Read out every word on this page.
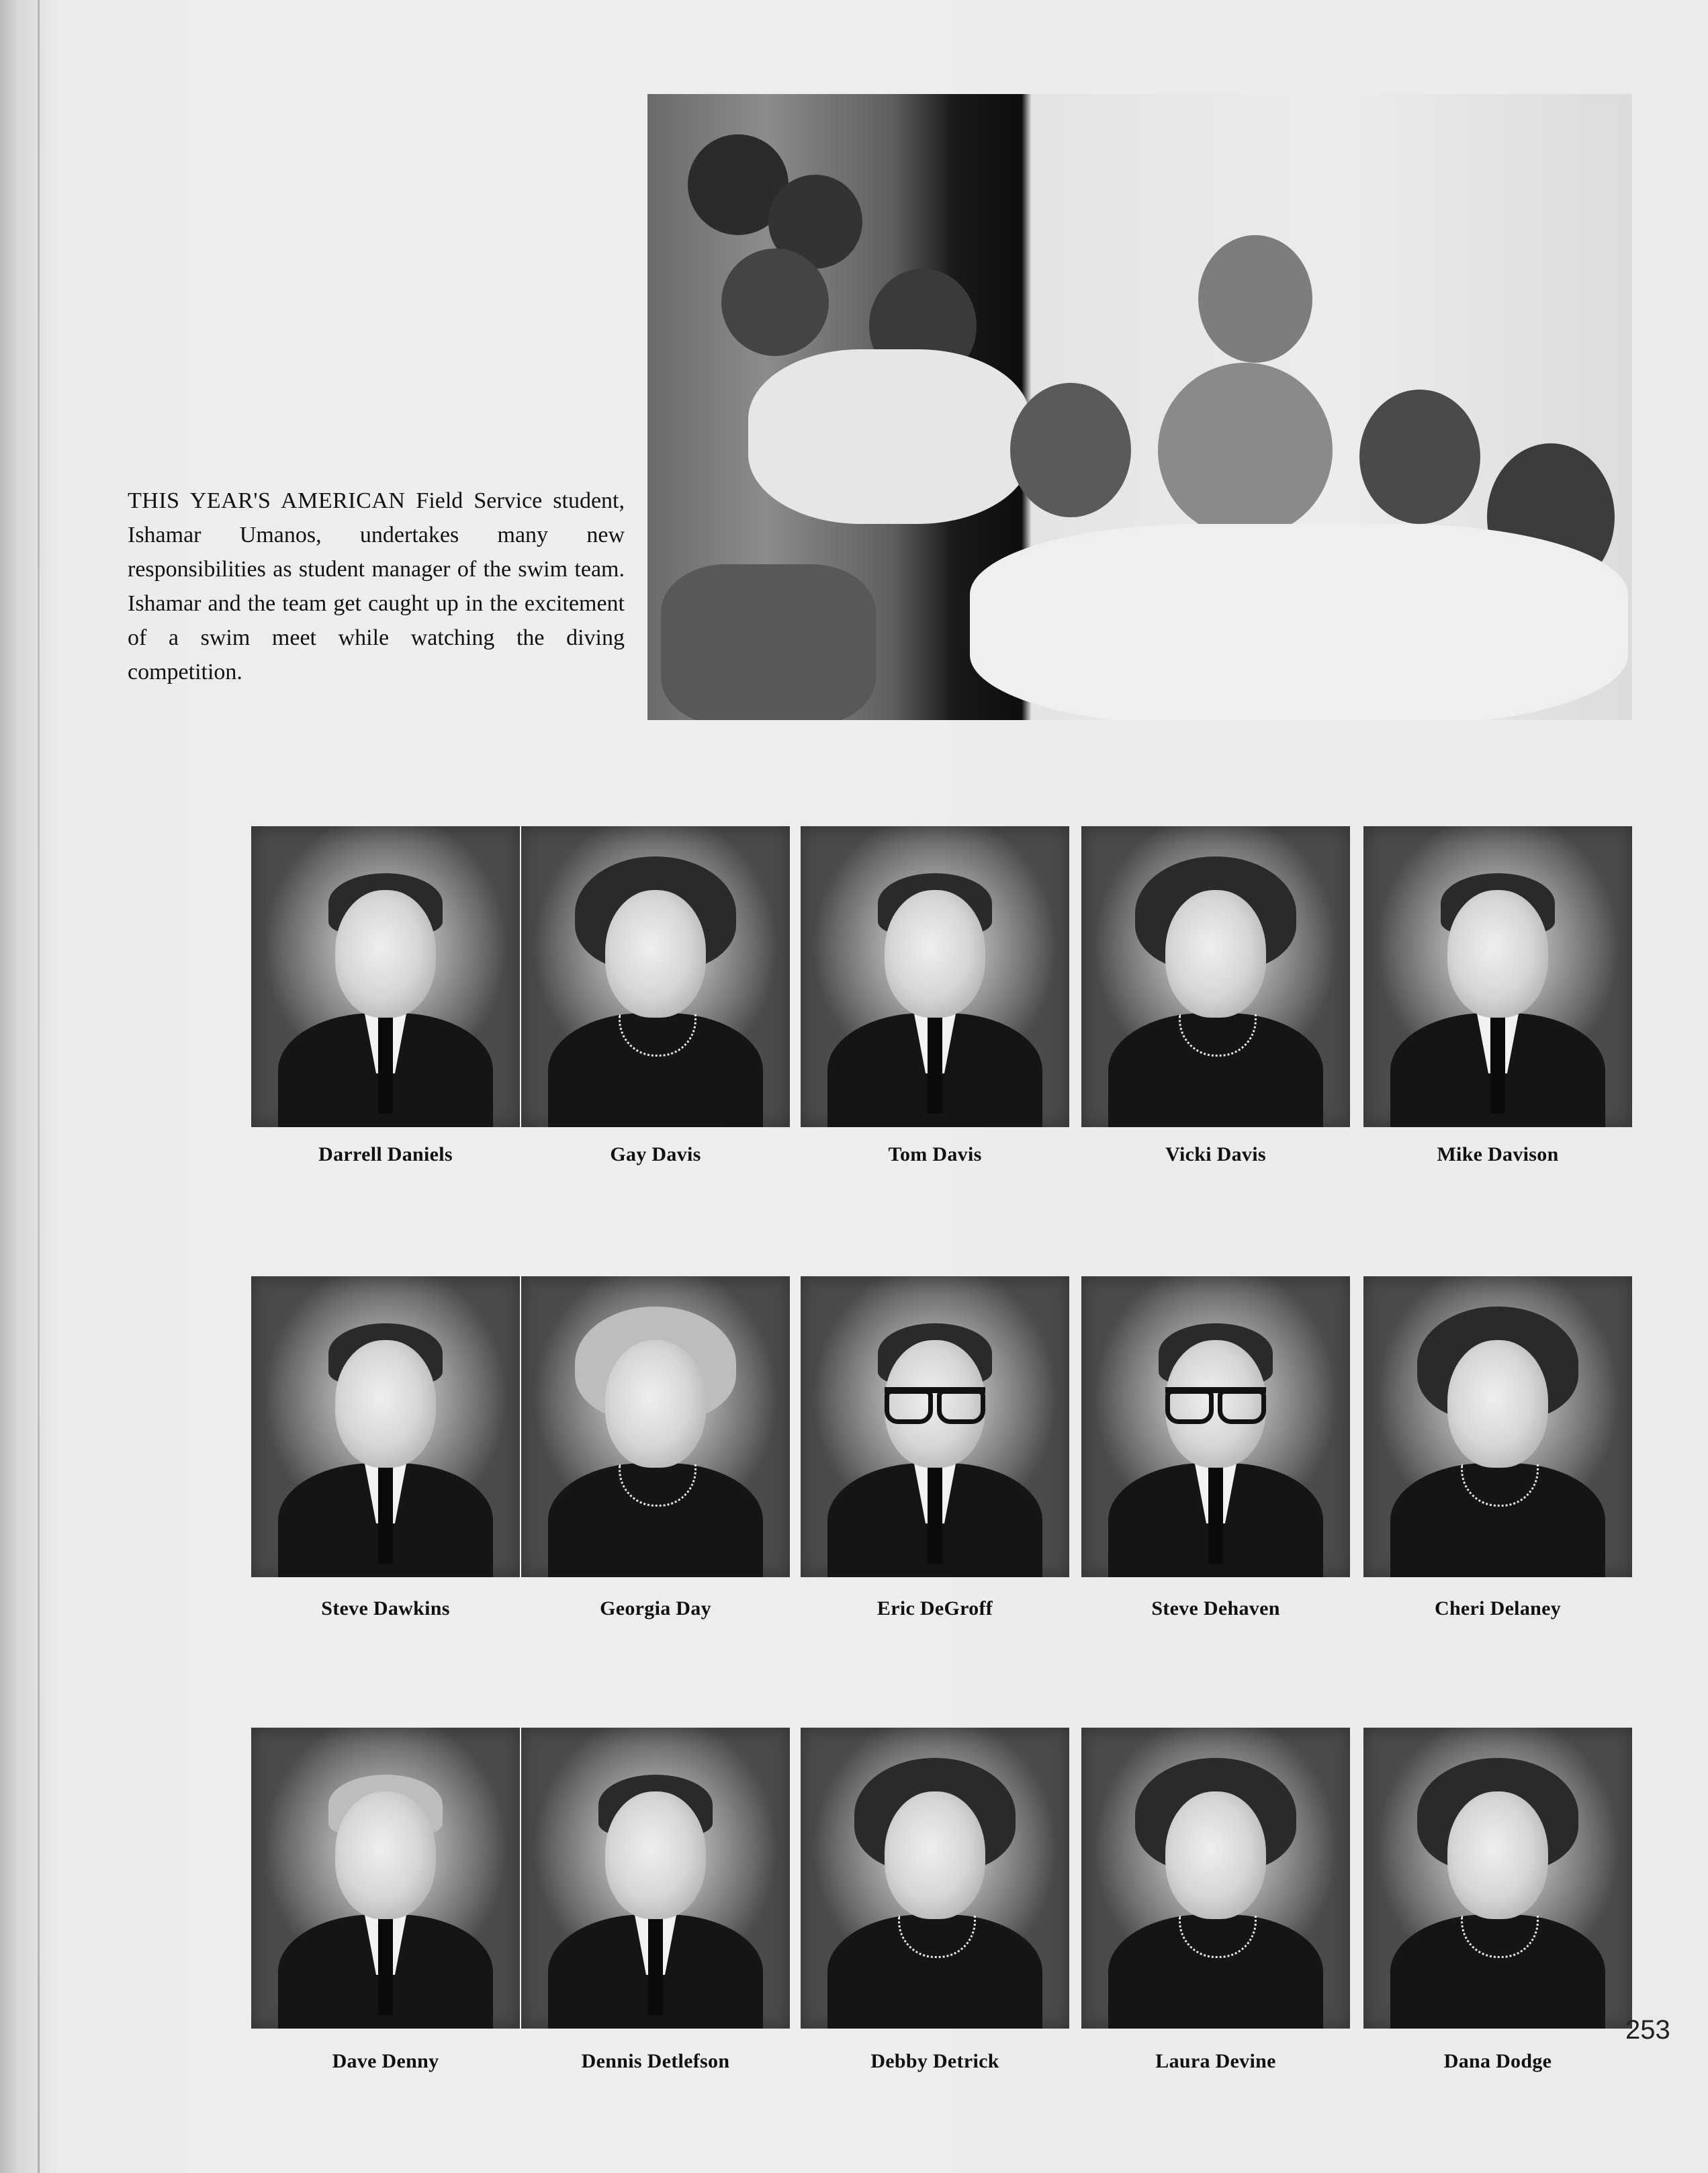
THIS YEAR'S AMERICAN Field Service student, Ishamar Umanos, undertakes many new responsibilities as student manager of the swim team. Ishamar and the team get caught up in the excitement of a swim meet while watching the diving competition.
Darrell Daniels	Gay Davis	Tom Davis	Vicki Davis	Mike Davison
Steve Dawkins	Georgia Day	Eric DeGroff	Steve Dehaven	Cheri Delaney
Dave Denny	Dennis Detlefson	Debby Detrick	Laura Devine	Dana Dodge
253
